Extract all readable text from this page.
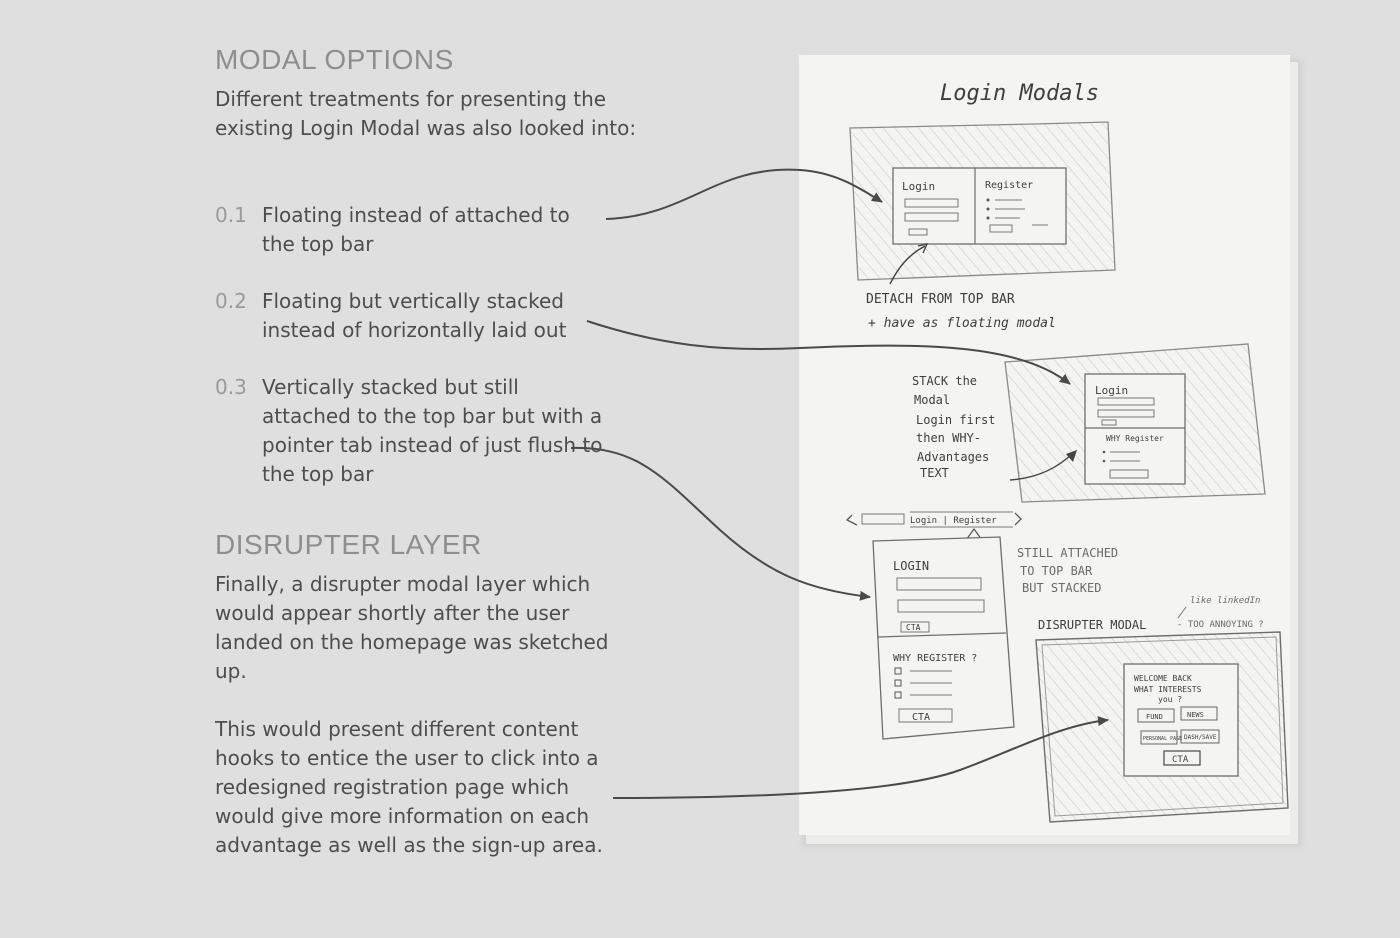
MODAL OPTIONS

Different treatments for presenting the existing Login Modal was also looked into:

0.1 Floating instead of attached to the top bar
0.2 Floating but vertically stacked instead of horizontally laid out
0.3 Vertically stacked but still attached to the top bar but with a pointer tab instead of just flush to the top bar
DISRUPTER LAYER

Finally, a disrupter modal layer which would appear shortly after the user landed on the homepage was sketched up.

This would present different content hooks to entice the user to click into a redesigned registration page which would give more information on each advantage as well as the sign-up area.

Login Modals
Login	Register
DETACH FROM TOP BAR
+ have as floating modal
Login
WHY Register
STACK the Modal Login first then WHY- Advantages TEXT
Login | Register
LOGIN
CTA
WHY REGISTER ?
CTA
STILL ATTACHED TO TOP BAR BUT STACKED
DISRUPTER MODAL	- TOO ANNOYING ?
like linkedIn
WELCOME BACK
WHAT INTERESTS
you ?
FUND	NEWS
PERSONAL PAGE DASH/SAVE
CTA
